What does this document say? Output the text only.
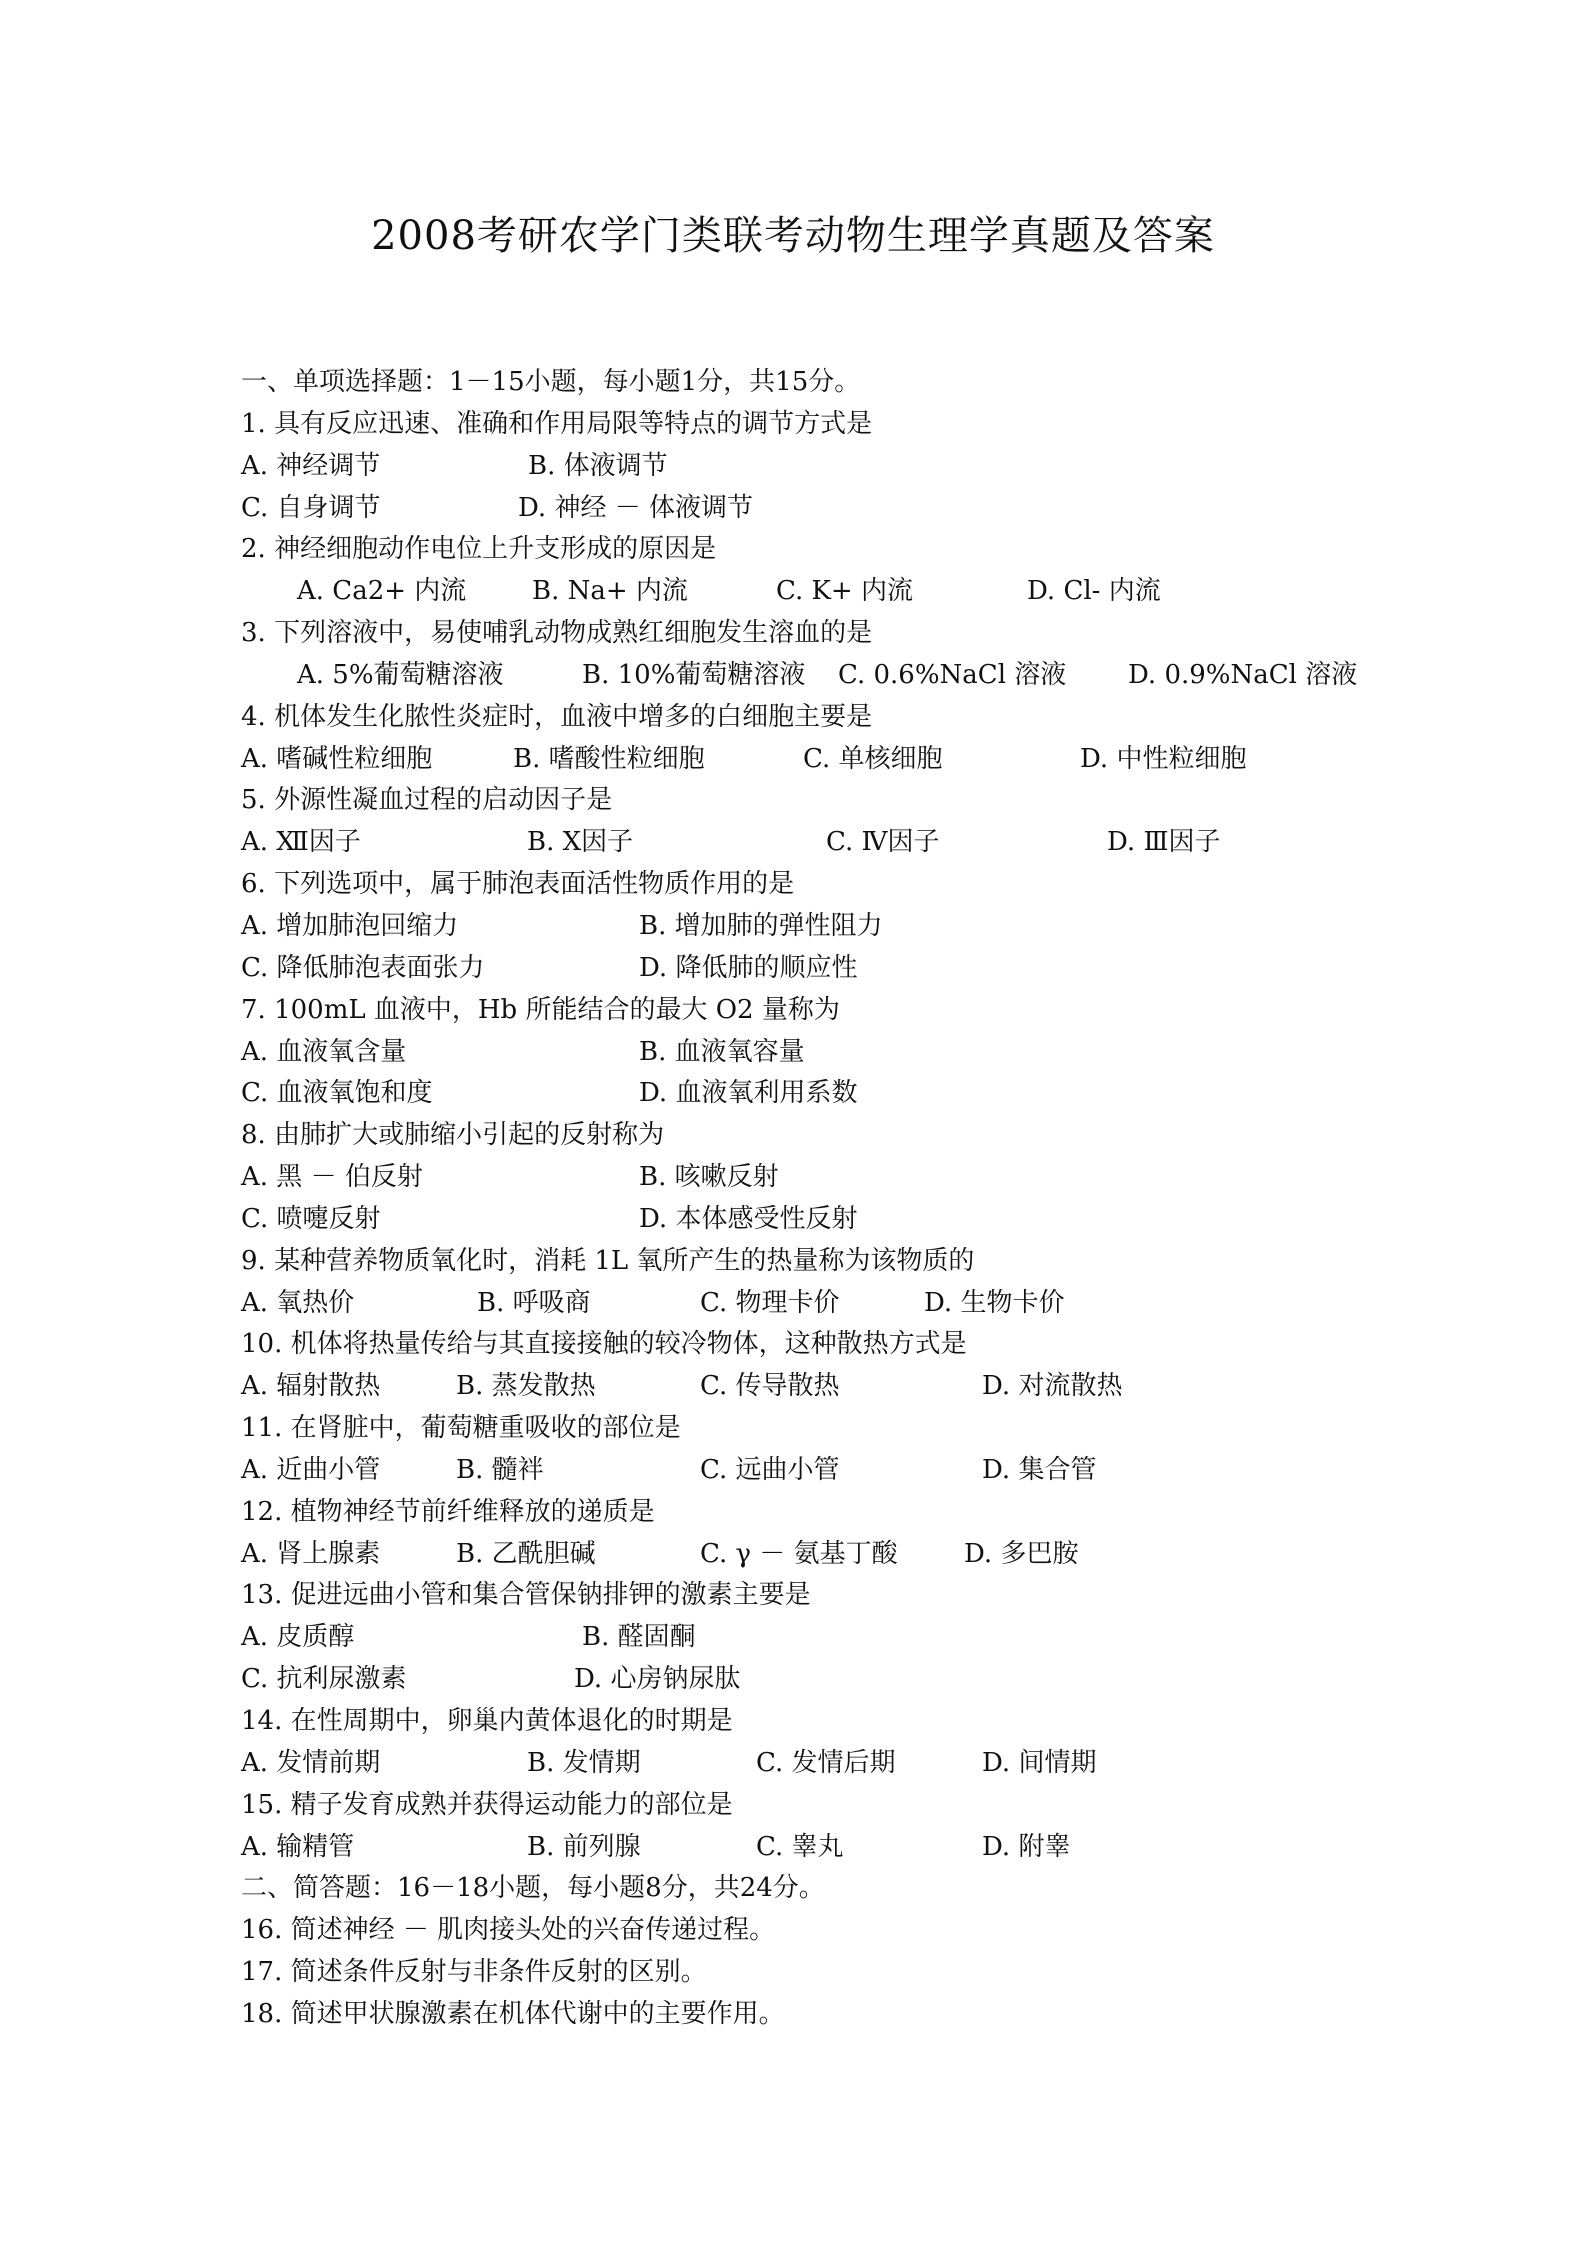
2008考研农学门类联考动物生理学真题及答案
一、单项选择题：1－15小题，每小题1分，共15分。
1. 具有反应迅速、准确和作用局限等特点的调节方式是

A. 神经调节

	B. 体液调节

C. 自身调节

	D. 神经 － 体液调节

2. 神经细胞动作电位上升支形成的原因是

A. Ca2+ 内流

	B. Na+ 内流

	C. K+ 内流

	D. Cl- 内流

3. 下列溶液中，易使哺乳动物成熟红细胞发生溶血的是

A. 5%葡萄糖溶液

	B. 10%葡萄糖溶液

C. 0.6%NaCl 溶液

D. 0.9%NaCl 溶液

4. 机体发生化脓性炎症时，血液中增多的白细胞主要是

A. 嗜碱性粒细胞

	B. 嗜酸性粒细胞

	C. 单核细胞

	D. 中性粒细胞

5. 外源性凝血过程的启动因子是

A. Ⅻ因子

	B. Ⅹ因子

	C. Ⅳ因子

	D. Ⅲ因子

6. 下列选项中，属于肺泡表面活性物质作用的是

A. 增加肺泡回缩力

	B. 增加肺的弹性阻力

C. 降低肺泡表面张力

	D. 降低肺的顺应性

7. 100mL 血液中，Hb 所能结合的最大 O2 量称为

A. 血液氧含量

	B. 血液氧容量

C. 血液氧饱和度

	D. 血液氧利用系数

8. 由肺扩大或肺缩小引起的反射称为

A. 黑 － 伯反射

	B. 咳嗽反射

C. 喷嚏反射

	D. 本体感受性反射

9. 某种营养物质氧化时，消耗 1L 氧所产生的热量称为该物质的

A. 氧热价

	B. 呼吸商

	C. 物理卡价

	D. 生物卡价

10. 机体将热量传给与其直接接触的较冷物体，这种散热方式是

A. 辐射散热

	B. 蒸发散热

	C. 传导散热

	D. 对流散热

11. 在肾脏中，葡萄糖重吸收的部位是

A. 近曲小管

	B. 髓袢

	C. 远曲小管

	D. 集合管

12. 植物神经节前纤维释放的递质是

A. 肾上腺素

	B. 乙酰胆碱

	C. γ － 氨基丁酸

	D. 多巴胺

13. 促进远曲小管和集合管保钠排钾的激素主要是

A. 皮质醇

	B. 醛固酮

C. 抗利尿激素

	D. 心房钠尿肽

14. 在性周期中，卵巢内黄体退化的时期是

A. 发情前期

	B. 发情期

	C. 发情后期

	D. 间情期

15. 精子发育成熟并获得运动能力的部位是

A. 输精管

	B. 前列腺

	C. 睾丸

	D. 附睾

二、简答题：16－18小题，每小题8分，共24分。
16. 简述神经 － 肌肉接头处的兴奋传递过程。
17. 简述条件反射与非条件反射的区别。
18. 简述甲状腺激素在机体代谢中的主要作用。
